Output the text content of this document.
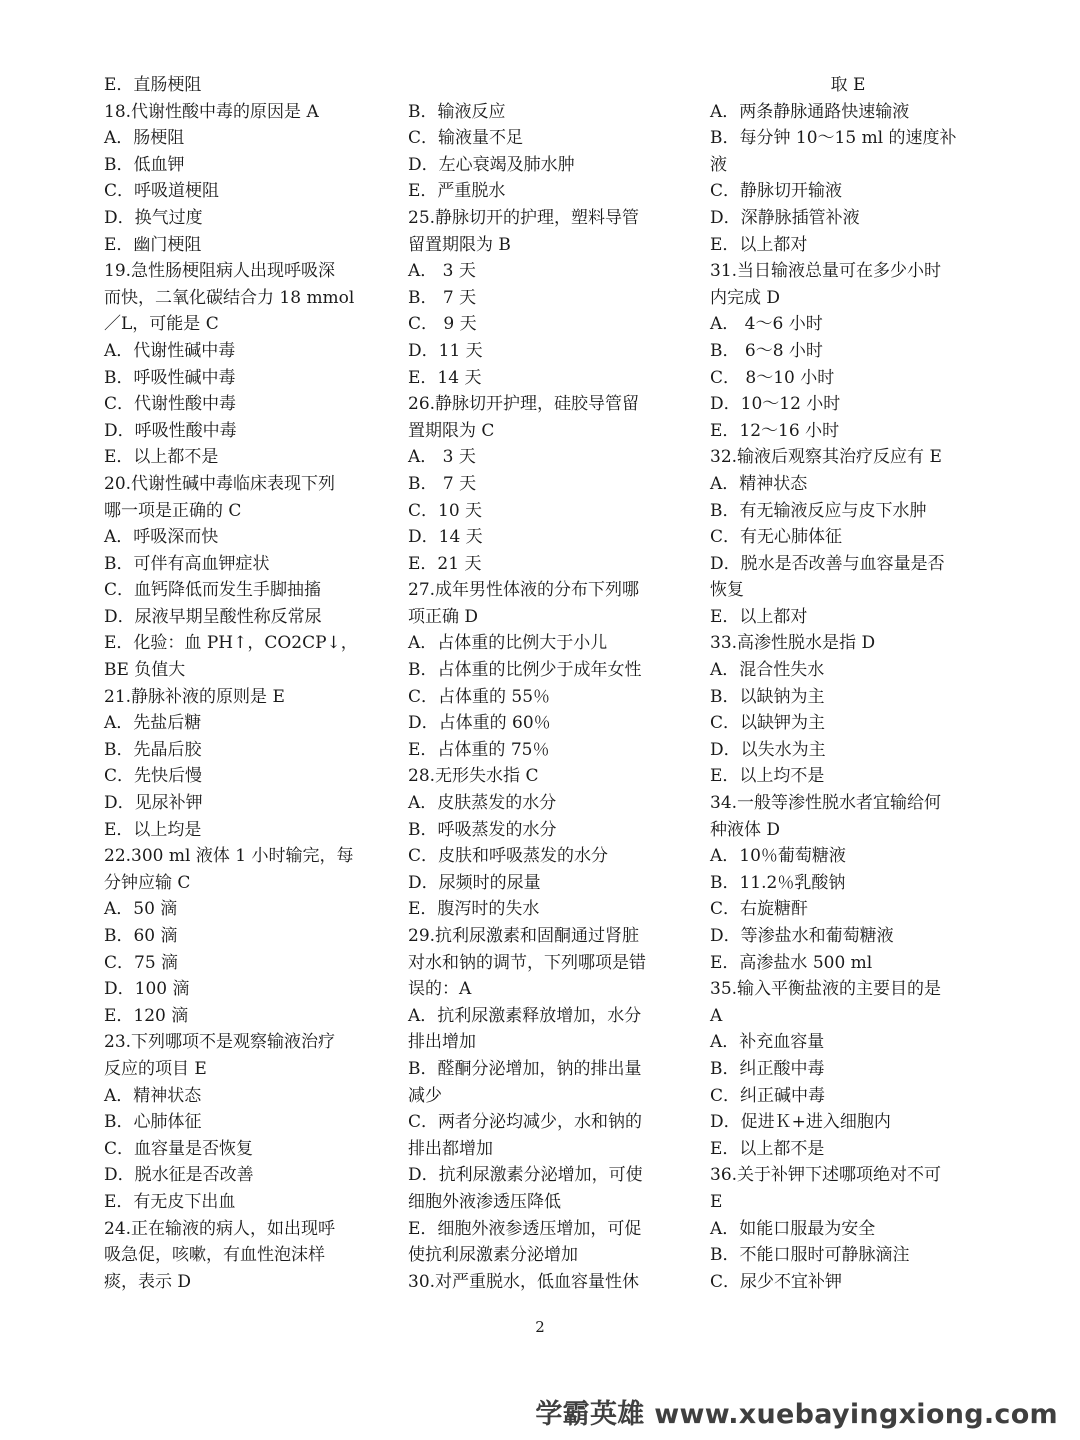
E．直肠梗阻
18.代谢性酸中毒的原因是 A
A．肠梗阻
B．低血钾
C．呼吸道梗阻
D．换气过度
E．幽门梗阻
19.急性肠梗阻病人出现呼吸深
而快，二氧化碳结合力 18 mmol
／L，可能是 C
A．代谢性碱中毒
B．呼吸性碱中毒
C．代谢性酸中毒
D．呼吸性酸中毒
E．以上都不是
20.代谢性碱中毒临床表现下列
哪一项是正确的 C
A．呼吸深而快
B．可伴有高血钾症状
C．血钙降低而发生手脚抽搐
D．尿液早期呈酸性称反常尿
E．化验：血 PH↑，CO2CP↓，
BE 负值大
21.静脉补液的原则是 E
A．先盐后糖
B．先晶后胶
C．先快后慢
D．见尿补钾
E．以上均是
22.300 ml 液体 1 小时输完，每
分钟应输 C
A．50 滴
B．60 滴
C．75 滴
D．100 滴
E．120 滴
23.下列哪项不是观察输液治疗
反应的项目 E
A．精神状态
B．心肺体征
C．血容量是否恢复
D．脱水征是否改善
E．有无皮下出血
24.正在输液的病人，如出现呼
吸急促，咳嗽，有血性泡沫样
痰，表示 D
B．输液反应
C．输液量不足
D．左心衰竭及肺水肿
E．严重脱水
25.静脉切开的护理，塑料导管
留置期限为 B
A． 3 天
B． 7 天
C． 9 天
D．11 天
E．14 天
26.静脉切开护理，硅胶导管留
置期限为 C
A． 3 天
B． 7 天
C．10 天
D．14 天
E．21 天
27.成年男性体液的分布下列哪
项正确 D
A．占体重的比例大于小儿
B．占体重的比例少于成年女性
C．占体重的 55％
D．占体重的 60％
E．占体重的 75％
28.无形失水指 C
A．皮肤蒸发的水分
B．呼吸蒸发的水分
C．皮肤和呼吸蒸发的水分
D．尿频时的尿量
E．腹泻时的失水
29.抗利尿激素和固酮通过肾脏
对水和钠的调节，下列哪项是错
误的：A
A．抗利尿激素释放增加，水分
排出增加
B．醛酮分泌增加，钠的排出量
减少
C．两者分泌均减少，水和钠的
排出都增加
D．抗利尿激素分泌增加，可使
细胞外液渗透压降低
E．细胞外液参透压增加，可促
使抗利尿激素分泌增加
30.对严重脱水，低血容量性休
取 E
A．两条静脉通路快速输液
B．每分钟 10～15 ml 的速度补
液
C．静脉切开输液
D．深静脉插管补液
E．以上都对
31.当日输液总量可在多少小时
内完成 D
A． 4～6 小时
B． 6～8 小时
C． 8～10 小时
D．10～12 小时
E．12～16 小时
32.输液后观察其治疗反应有 E
A．精神状态
B．有无输液反应与皮下水肿
C．有无心肺体征
D．脱水是否改善与血容量是否
恢复
E．以上都对
33.高渗性脱水是指 D
A．混合性失水
B．以缺钠为主
C．以缺钾为主
D．以失水为主
E．以上均不是
34.一般等渗性脱水者宜输给何
种液体 D
A．10％葡萄糖液
B．11.2％乳酸钠
C．右旋糖酐
D．等渗盐水和葡萄糖液
E．高渗盐水 500 ml
35.输入平衡盐液的主要目的是
A
A．补充血容量
B．纠正酸中毒
C．纠正碱中毒
D．促进Ｋ+进入细胞内
E．以上都不是
36.关于补钾下述哪项绝对不可
E
A．如能口服最为安全
B．不能口服时可静脉滴注
C．尿少不宜补钾
2
学霸英雄 www.xuebayingxiong.com
